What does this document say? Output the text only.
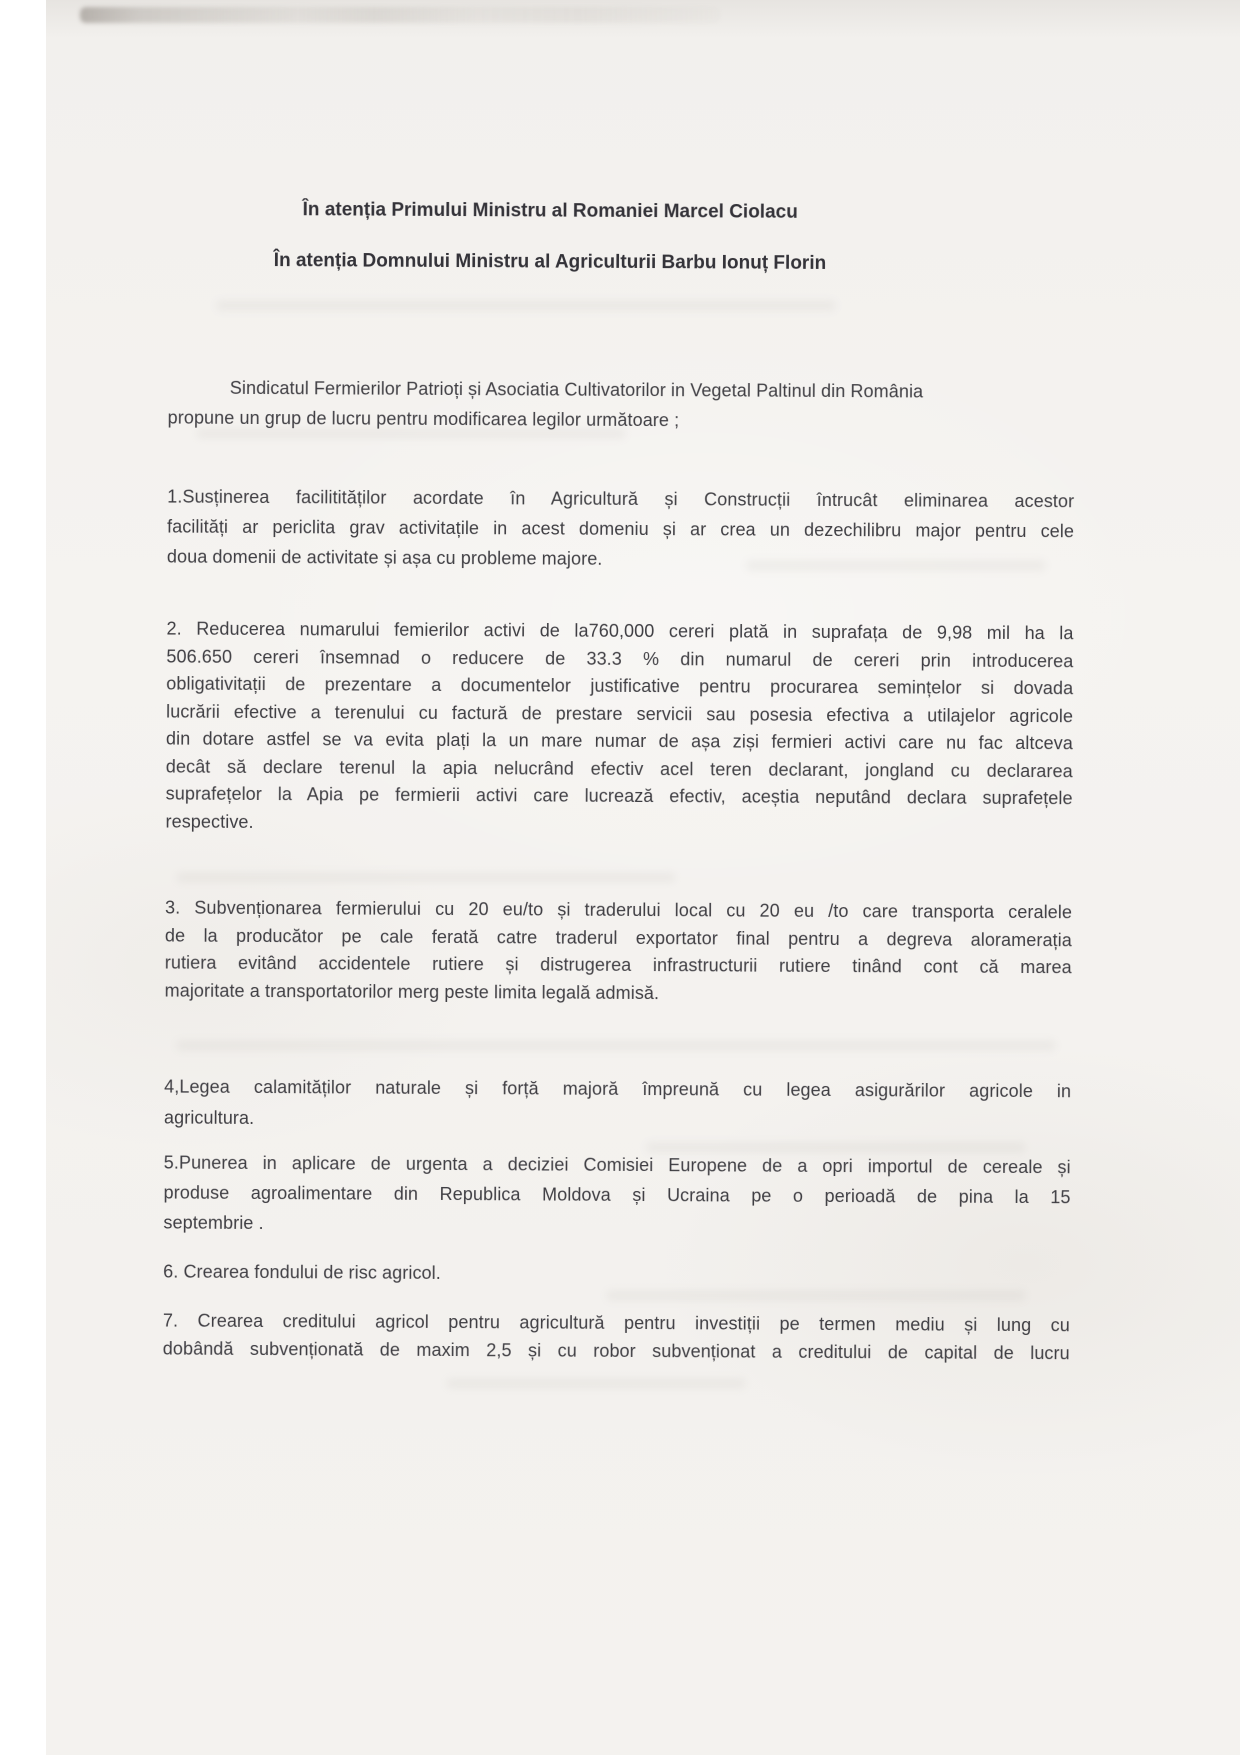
În atenția Primului Ministru al Romaniei Marcel Ciolacu
În atenția Domnului Ministru al Agriculturii Barbu Ionuț Florin
Sindicatul Fermierilor Patrioți și Asociatia Cultivatorilor in Vegetal Paltinul din România
propune un grup de lucru pentru modificarea legilor următoare ;
1.Susținerea facilitităților acordate în Agricultură și Construcții întrucât eliminarea acestor
facilități ar periclita grav activitațile in acest domeniu și ar crea un dezechilibru major pentru cele
doua domenii de activitate și așa cu probleme majore.
2. Reducerea numarului femierilor activi de la760,000 cereri plată in suprafața de 9,98 mil ha la
506.650 cereri însemnad o reducere de 33.3 % din numarul de cereri prin introducerea
obligativitații de prezentare a documentelor justificative pentru procurarea semințelor si dovada
lucrării efective a terenului cu factură de prestare servicii sau posesia efectiva a utilajelor agricole
din dotare astfel se va evita plați la un mare numar de așa ziși fermieri activi care nu fac altceva
decât să declare terenul la apia nelucrând efectiv acel teren declarant, jongland cu declararea
suprafețelor la Apia pe fermierii activi care lucrează efectiv, aceștia neputând declara suprafețele
respective.
3. Subvenționarea fermierului cu 20 eu/to și traderului local cu 20 eu /to care transporta ceralele
de la producător pe cale ferată catre traderul exportator final pentru a degreva aloramerația
rutiera evitând accidentele rutiere și distrugerea infrastructurii rutiere tinând cont că marea
majoritate a transportatorilor merg peste limita legală admisă.
4,Legea calamităților naturale și forță majoră împreună cu legea asigurărilor agricole in
agricultura.
5.Punerea in aplicare de urgenta a deciziei Comisiei Europene de a opri importul de cereale și
produse agroalimentare din Republica Moldova și Ucraina pe o perioadă de pina la 15
septembrie .
6. Crearea fondului de risc agricol.
7. Crearea creditului agricol pentru agricultură pentru investiții pe termen mediu și lung cu
dobândă subvenționată de maxim 2,5 și cu robor subvenționat a creditului de capital de lucru
